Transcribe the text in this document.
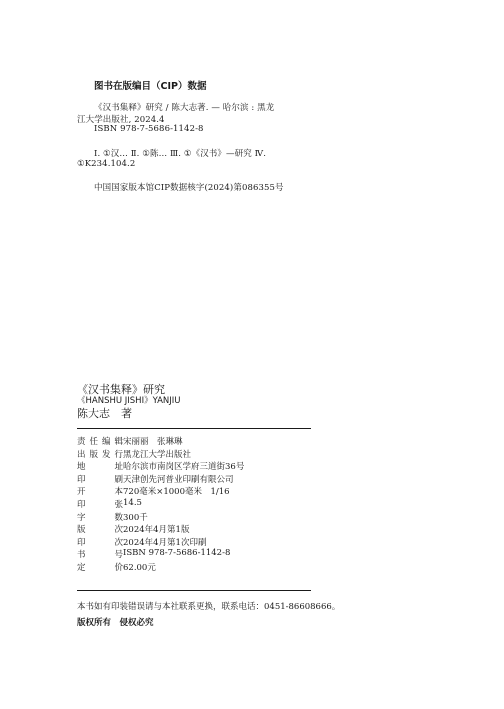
图书在版编目（CIP）数据
《汉书集释》研究 / 陈大志著. — 哈尔滨 : 黑龙
江大学出版社, 2024.4
ISBN 978-7-5686-1142-8
Ⅰ. ①汉… Ⅱ. ①陈… Ⅲ. ①《汉书》—研究 Ⅳ.
①K234.104.2
中国国家版本馆CIP数据核字(2024)第086355号
《汉书集释》研究
《HANSHU JISHI》YANJIU
陈大志　著
责任编辑 宋丽丽　张琳琳
出版发行 黑龙江大学出版社
地　　址 哈尔滨市南岗区学府三道街36号
印　　刷 天津创先河普业印刷有限公司
开　　本 720毫米×1000毫米　1/16
印　　张 14.5
字　　数 300千
版　　次 2024年4月第1版
印　　次 2024年4月第1次印刷
书　　号 ISBN 978-7-5686-1142-8
定　　价 62.00元
本书如有印装错误请与本社联系更换，联系电话：0451-86608666。
版权所有　侵权必究
